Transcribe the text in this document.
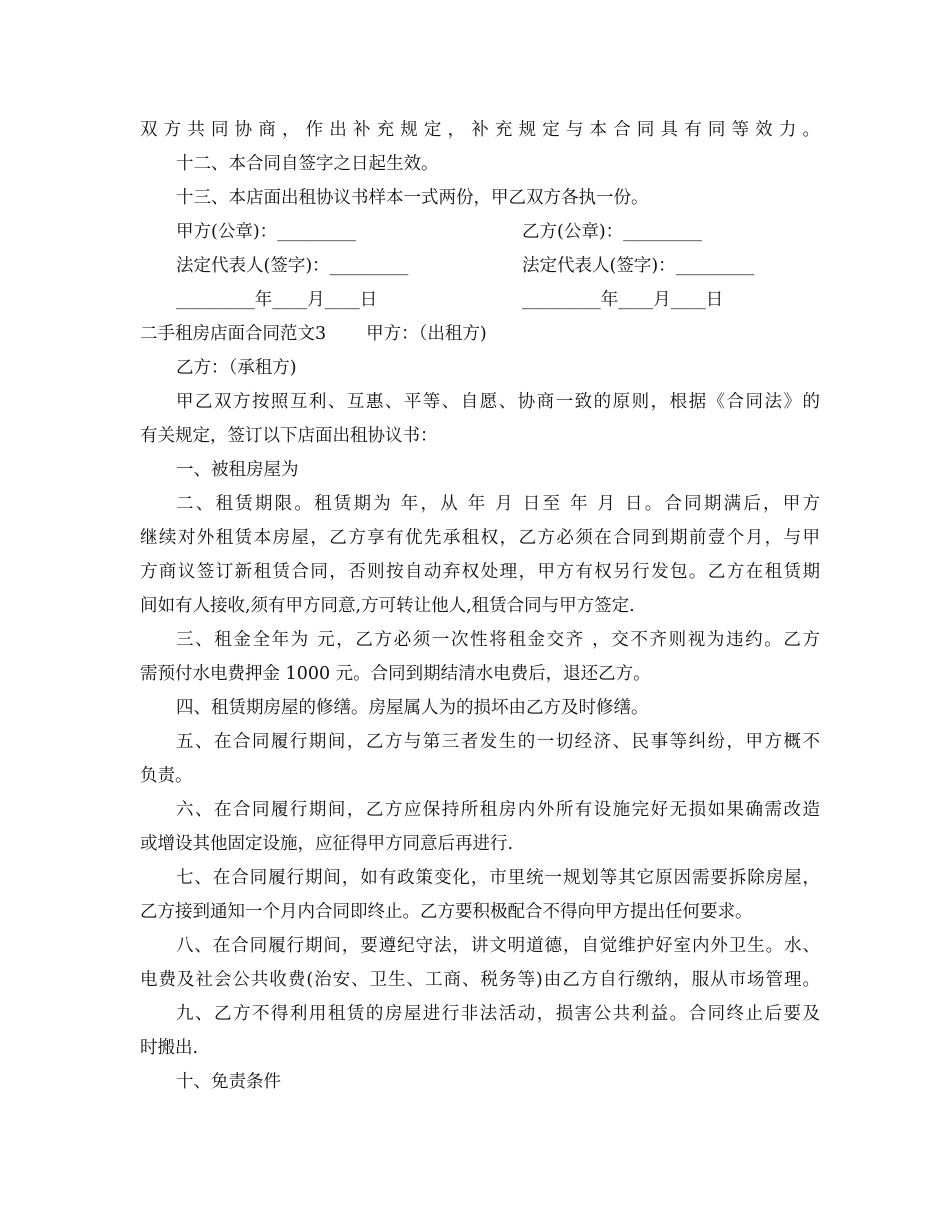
双方共同协商，作出补充规定，补充规定与本合同具有同等效力。
十二、本合同自签字之日起生效。
十三、本店面出租协议书样本一式两份，甲乙双方各执一份。
甲方(公章)：_________	乙方(公章)：_________
法定代表人(签字)：_________	法定代表人(签字)：_________
_________年____月____日	_________年____月____日
二手租房店面合同范文3 甲方：（出租方)
乙方：（承租方)
甲乙双方按照互利、互惠、平等、自愿、协商一致的原则，根据《合同法》的
有关规定，签订以下店面出租协议书：
一、被租房屋为
二、租赁期限。租赁期为 年，从 年 月 日至 年 月 日。合同期满后，甲方
继续对外租赁本房屋，乙方享有优先承租权，乙方必须在合同到期前壹个月，与甲
方商议签订新租赁合同，否则按自动弃权处理，甲方有权另行发包。乙方在租赁期
间如有人接收,须有甲方同意,方可转让他人,租赁合同与甲方签定.
三、租金全年为 元，乙方必须一次性将租金交齐 ，交不齐则视为违约。乙方
需预付水电费押金 1000 元。合同到期结清水电费后，退还乙方。
四、租赁期房屋的修缮。房屋属人为的损坏由乙方及时修缮。
五、在合同履行期间，乙方与第三者发生的一切经济、民事等纠纷，甲方概不
负责。
六、在合同履行期间，乙方应保持所租房内外所有设施完好无损如果确需改造
或增设其他固定设施，应征得甲方同意后再进行.
七、在合同履行期间，如有政策变化，市里统一规划等其它原因需要拆除房屋，
乙方接到通知一个月内合同即终止。乙方要积极配合不得向甲方提出任何要求。
八、在合同履行期间，要遵纪守法，讲文明道德，自觉维护好室内外卫生。水、
电费及社会公共收费(治安、卫生、工商、税务等)由乙方自行缴纳，服从市场管理。
九、乙方不得利用租赁的房屋进行非法活动，损害公共利益。合同终止后要及
时搬出.
十、免责条件
